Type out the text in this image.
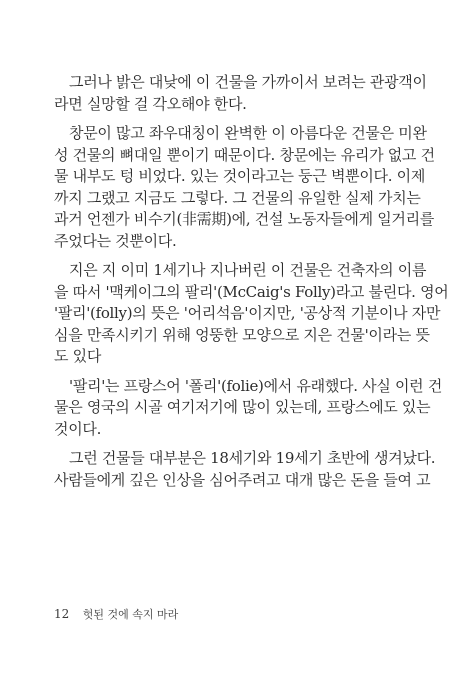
그러나 밝은 대낮에 이 건물을 가까이서 보려는 관광객이
라면 실망할 걸 각오해야 한다.

창문이 많고 좌우대칭이 완벽한 이 아름다운 건물은 미완
성 건물의 뼈대일 뿐이기 때문이다. 창문에는 유리가 없고 건
물 내부도 텅 비었다. 있는 것이라고는 둥근 벽뿐이다. 이제
까지 그랬고 지금도 그렇다. 그 건물의 유일한 실제 가치는
과거 언젠가 비수기(非需期)에, 건설 노동자들에게 일거리를
주었다는 것뿐이다.

지은 지 이미 1세기나 지나버린 이 건물은 건축자의 이름
을 따서 '맥케이그의 팔리'(McCaig's Folly)라고 불린다. 영어
'팔리'(folly)의 뜻은 '어리석음'이지만, '공상적 기분이나 자만
심을 만족시키기 위해 엉뚱한 모양으로 지은 건물'이라는 뜻
도 있다

'팔리'는 프랑스어 '폴리'(folie)에서 유래했다. 사실 이런 건
물은 영국의 시골 여기저기에 많이 있는데, 프랑스에도 있는
것이다.

그런 건물들 대부분은 18세기와 19세기 초반에 생겨났다.
사람들에게 깊은 인상을 심어주려고 대개 많은 돈을 들여 고

12 헛된 것에 속지 마라
